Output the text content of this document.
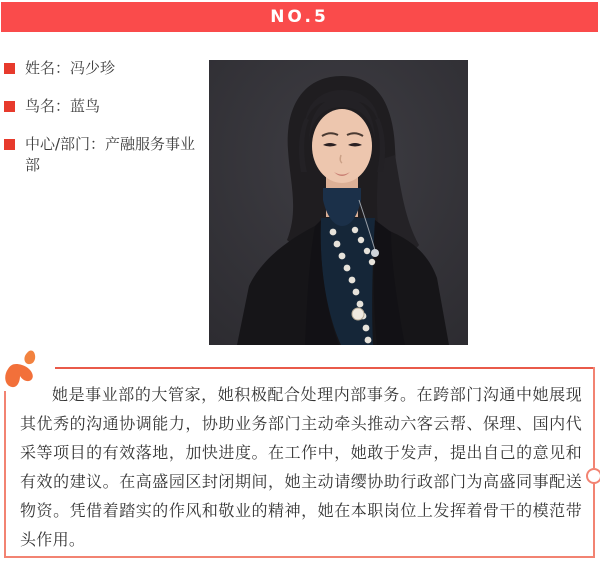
NO.5
姓名：冯少珍
鸟名：蓝鸟
中心/部门：产融服务事业部

她是事业部的大管家，她积极配合处理内部事务。在跨部门沟通中她展现其优秀的沟通协调能力，协助业务部门主动牵头推动六客云帮、保理、国内代采等项目的有效落地，加快进度。在工作中，她敢于发声，提出自己的意见和有效的建议。在高盛园区封闭期间，她主动请缨协助行政部门为高盛同事配送物资。凭借着踏实的作风和敬业的精神，她在本职岗位上发挥着骨干的模范带头作用。
